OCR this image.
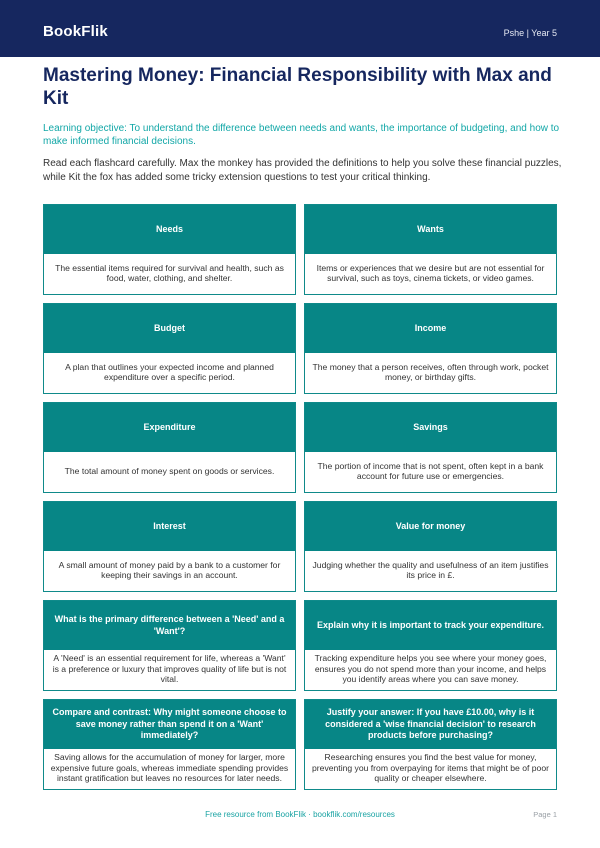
BookFlik	Pshe | Year 5
Mastering Money: Financial Responsibility with Max and Kit

Learning objective: To understand the difference between needs and wants, the importance of budgeting, and how to make informed financial decisions.

Read each flashcard carefully. Max the monkey has provided the definitions to help you solve these financial puzzles, while Kit the fox has added some tricky extension questions to test your critical thinking.

Needs
The essential items required for survival and health, such as food, water, clothing, and shelter.
Wants
Items or experiences that we desire but are not essential for survival, such as toys, cinema tickets, or video games.
Budget
A plan that outlines your expected income and planned expenditure over a specific period.
Income
The money that a person receives, often through work, pocket money, or birthday gifts.
Expenditure
The total amount of money spent on goods or services.
Savings
The portion of income that is not spent, often kept in a bank account for future use or emergencies.
Interest
A small amount of money paid by a bank to a customer for keeping their savings in an account.
Value for money
Judging whether the quality and usefulness of an item justifies its price in £.
What is the primary difference between a 'Need' and a 'Want'?
A 'Need' is an essential requirement for life, whereas a 'Want' is a preference or luxury that improves quality of life but is not vital.
Explain why it is important to track your expenditure.
Tracking expenditure helps you see where your money goes, ensures you do not spend more than your income, and helps you identify areas where you can save money.
Compare and contrast: Why might someone choose to save money rather than spend it on a 'Want' immediately?
Saving allows for the accumulation of money for larger, more expensive future goals, whereas immediate spending provides instant gratification but leaves no resources for later needs.
Justify your answer: If you have £10.00, why is it considered a 'wise financial decision' to research products before purchasing?
Researching ensures you find the best value for money, preventing you from overpaying for items that might be of poor quality or cheaper elsewhere.
Free resource from BookFlik · bookflik.com/resources	Page 1
